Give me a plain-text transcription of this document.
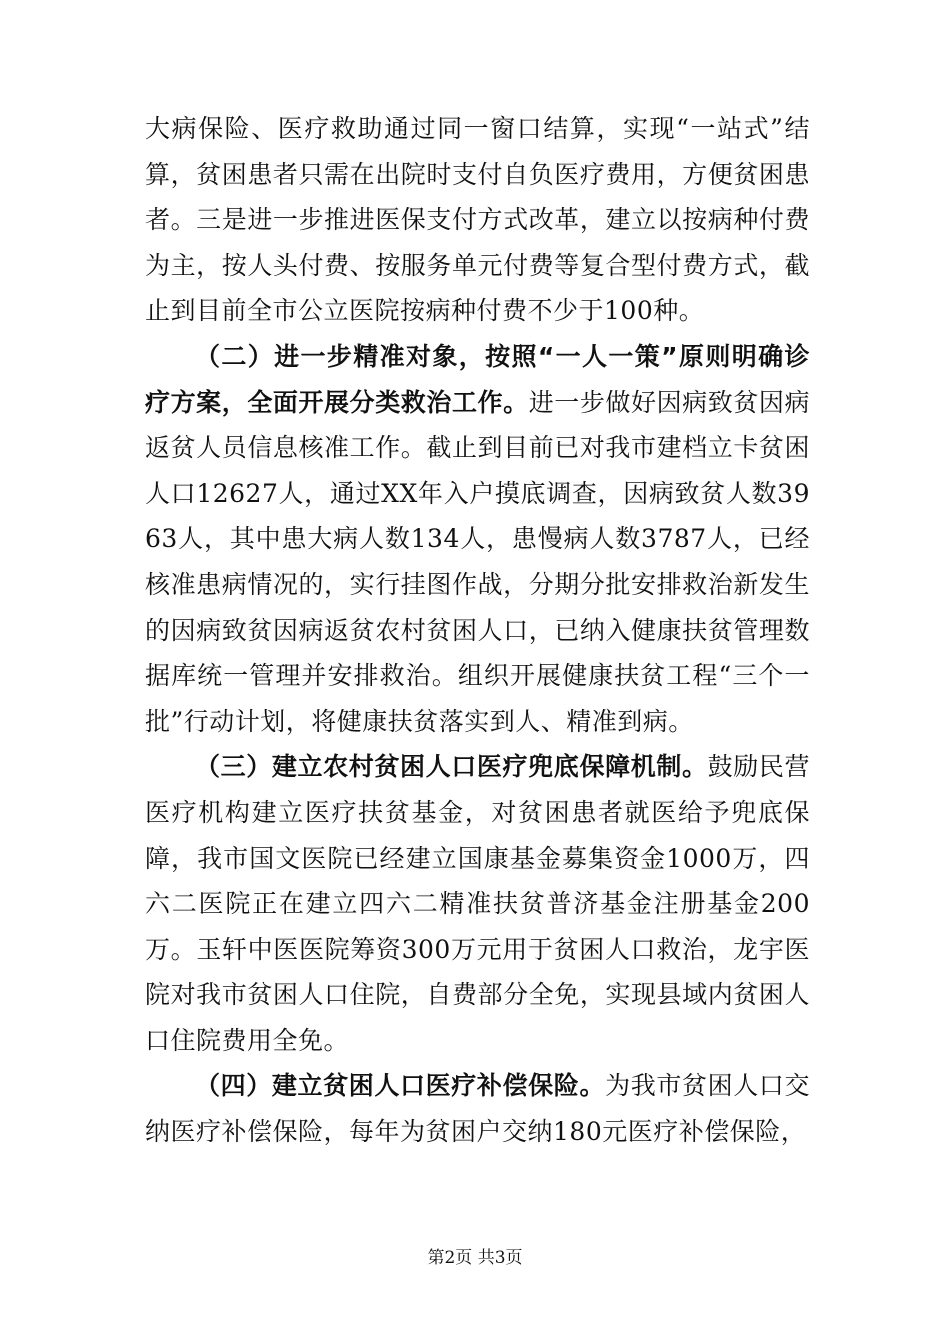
大病保险、医疗救助通过同一窗口结算，实现“一站式”结算，贫困患者只需在出院时支付自负医疗费用，方便贫困患者。三是进一步推进医保支付方式改革，建立以按病种付费为主，按人头付费、按服务单元付费等复合型付费方式，截止到目前全市公立医院按病种付费不少于100种。

（二）进一步精准对象，按照“一人一策”原则明确诊疗方案，全面开展分类救治工作。进一步做好因病致贫因病返贫人员信息核准工作。截止到目前已对我市建档立卡贫困人口12627人，通过XX年入户摸底调查，因病致贫人数3963人，其中患大病人数134人，患慢病人数3787人，已经核准患病情况的，实行挂图作战，分期分批安排救治新发生的因病致贫因病返贫农村贫困人口，已纳入健康扶贫管理数据库统一管理并安排救治。组织开展健康扶贫工程“三个一批”行动计划，将健康扶贫落实到人、精准到病。

（三）建立农村贫困人口医疗兜底保障机制。鼓励民营医疗机构建立医疗扶贫基金，对贫困患者就医给予兜底保障，我市国文医院已经建立国康基金募集资金1000万，四六二医院正在建立四六二精准扶贫普济基金注册基金200万。玉轩中医医院筹资300万元用于贫困人口救治，龙宇医院对我市贫困人口住院，自费部分全免，实现县域内贫困人口住院费用全免。

（四）建立贫困人口医疗补偿保险。为我市贫困人口交纳医疗补偿保险，每年为贫困户交纳180元医疗补偿保险，

第2页 共3页
